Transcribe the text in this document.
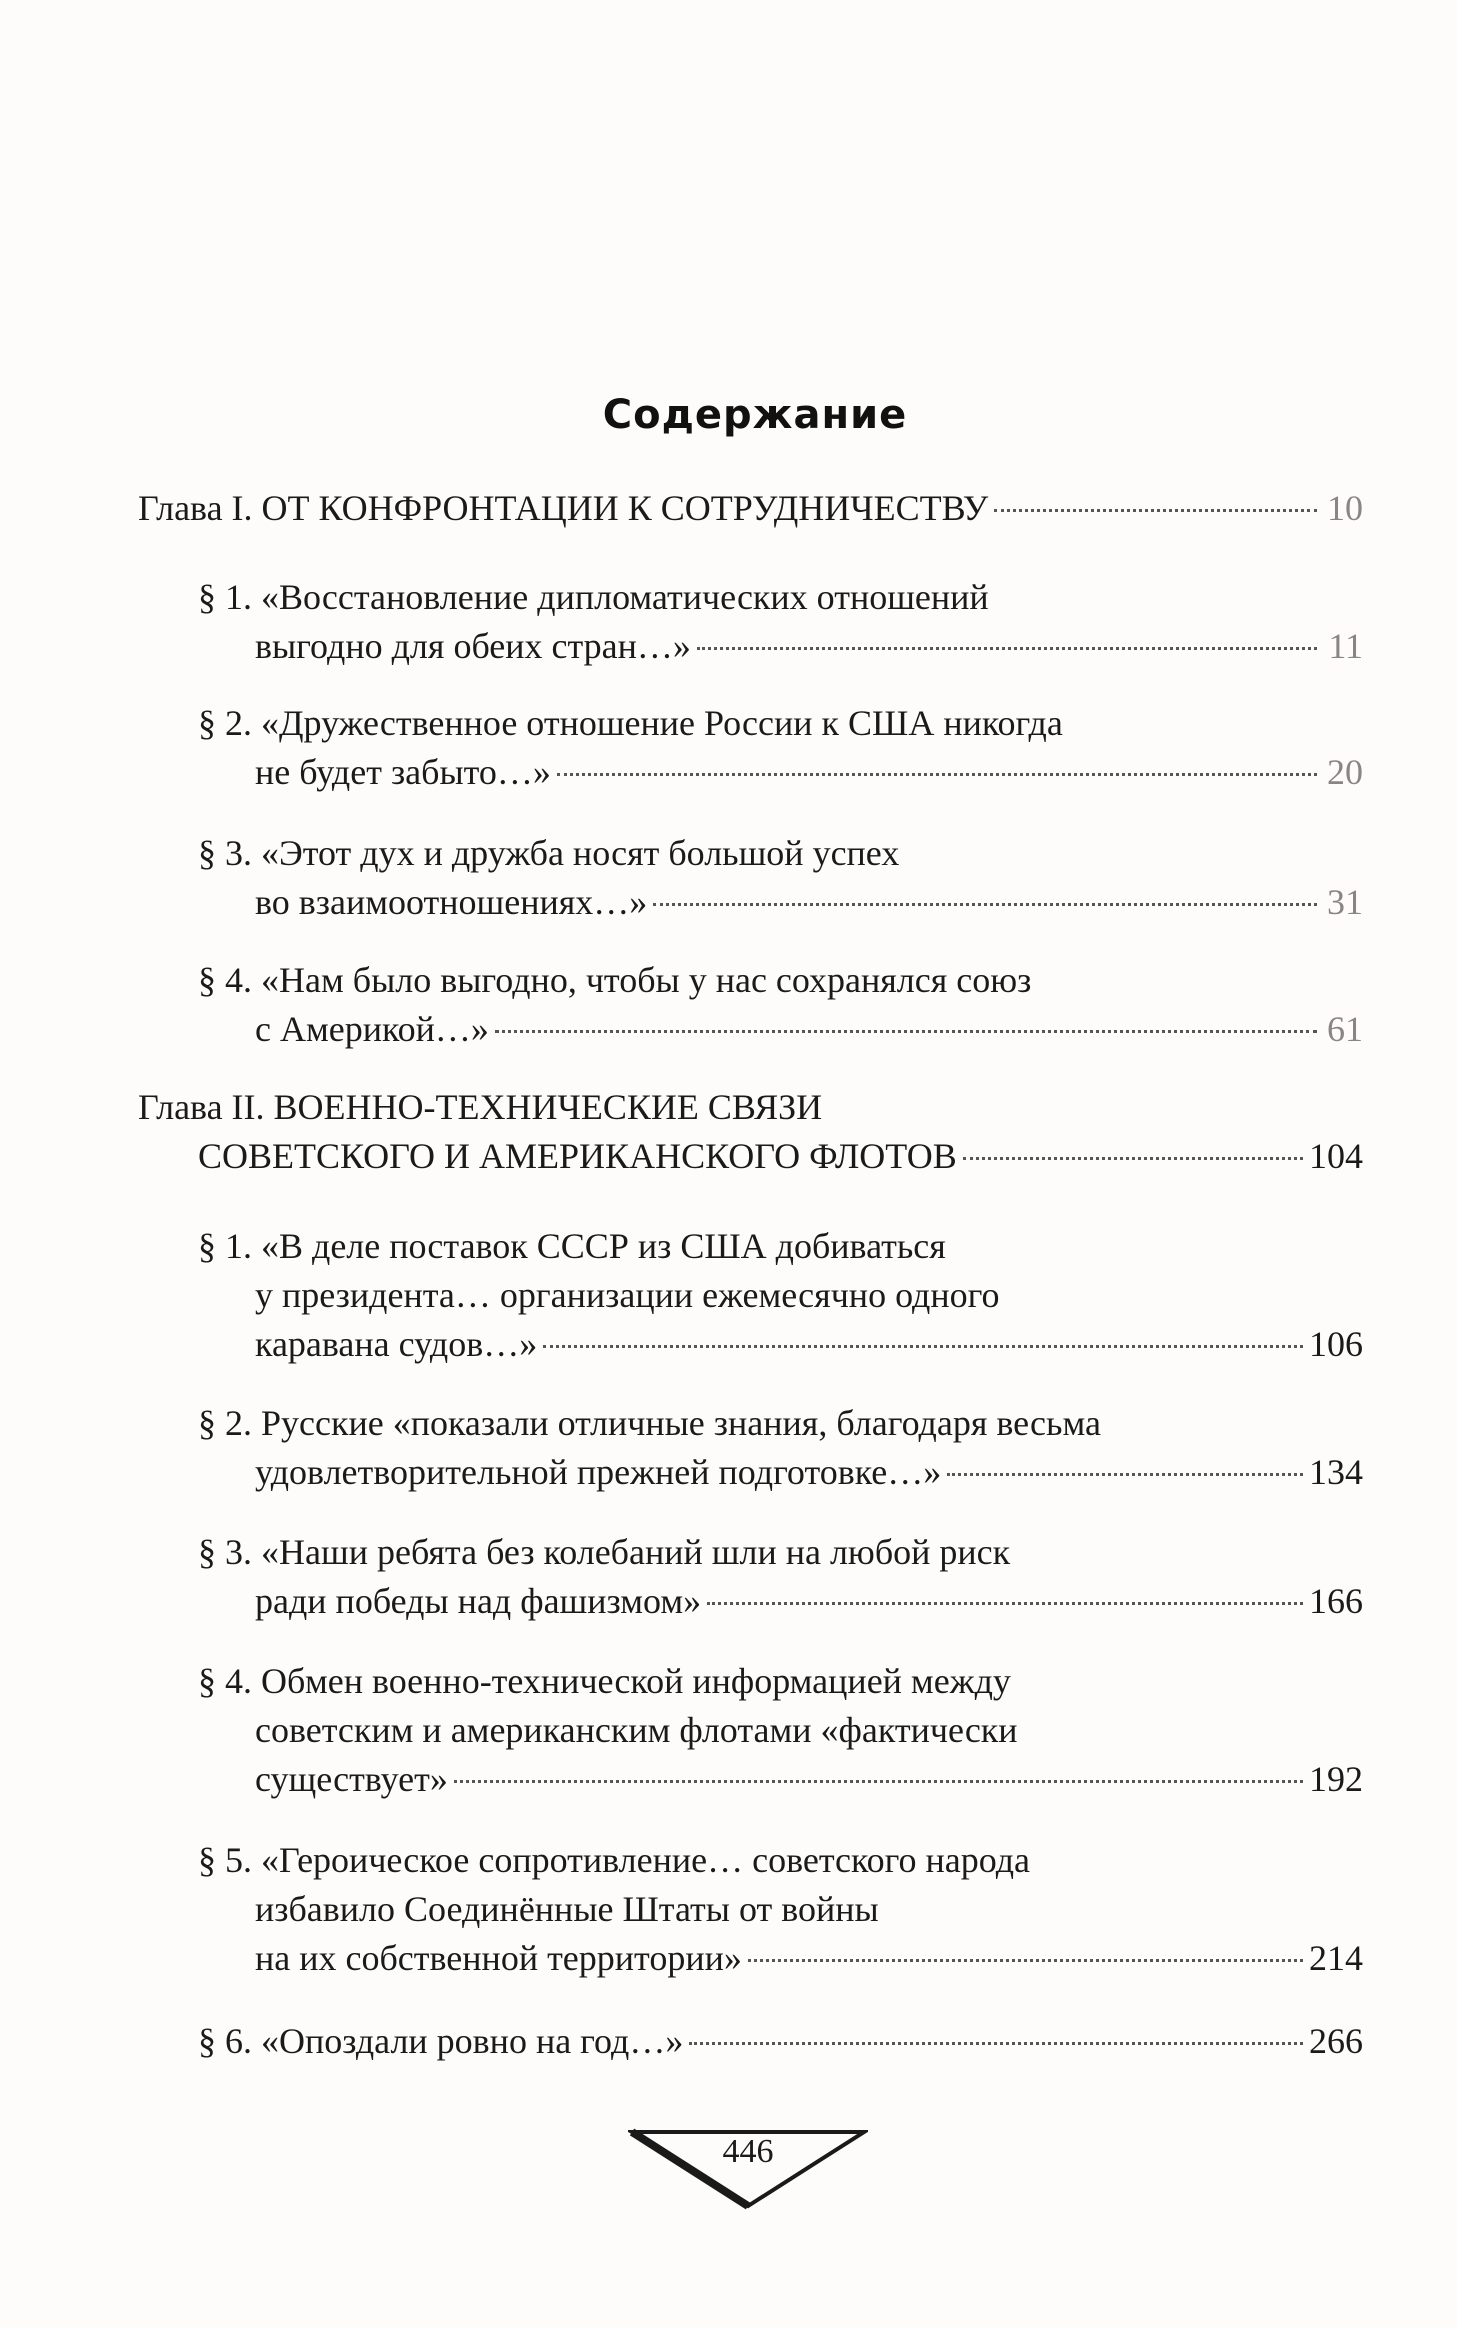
Содержание
Глава I. ОТ КОНФРОНТАЦИИ К СОТРУДНИЧЕСТВУ	10
§ 1. «Восстановление дипломатических отношений
выгодно для обеих стран…»	11
§ 2. «Дружественное отношение России к США никогда
не будет забыто…»	20
§ 3. «Этот дух и дружба носят большой успех
во взаимоотношениях…»	31
§ 4. «Нам было выгодно, чтобы у нас сохранялся союз
с Америкой…»	61
Глава II. ВОЕННО-ТЕХНИЧЕСКИЕ СВЯЗИ
СОВЕТСКОГО И АМЕРИКАНСКОГО ФЛОТОВ	104
§ 1. «В деле поставок СССР из США добиваться
у президента… организации ежемесячно одного
каравана судов…»	106
§ 2. Русские «показали отличные знания, благодаря весьма
удовлетворительной прежней подготовке…»	134
§ 3. «Наши ребята без колебаний шли на любой риск
ради победы над фашизмом»	166
§ 4. Обмен военно-технической информацией между
советским и американским флотами «фактически
существует»	192
§ 5. «Героическое сопротивление… советского народа
избавило Соединённые Штаты от войны
на их собственной территории»	214
§ 6. «Опоздали ровно на год…»	266
446
